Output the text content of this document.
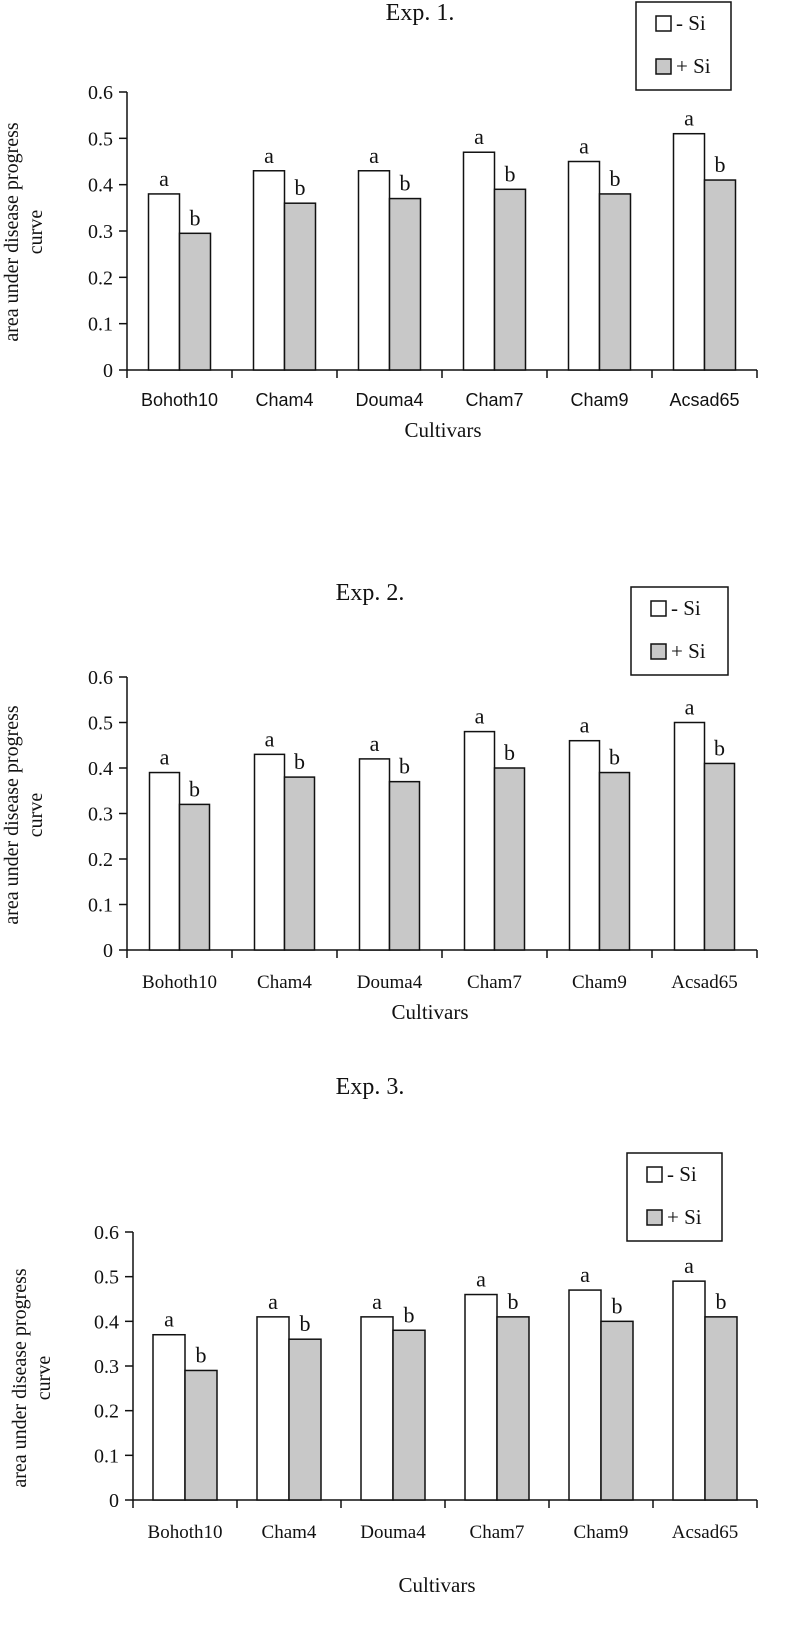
Exp. 1.
0
0.1
0.2
0.3
0.4
0.5
0.6
area under disease progress curve
Bohoth10
a
b
Cham4
a
b
Douma4
a
b
Cham7
a
b
Cham9
a
b
Acsad65
a
b
Cultivars
- Si
+ Si
Exp. 2.
0
0.1
0.2
0.3
0.4
0.5
0.6
area under disease progress curve
Bohoth10
a
b
Cham4
a
b
Douma4
a
b
Cham7
a
b
Cham9
a
b
Acsad65
a
b
Cultivars
- Si
+ Si
Exp. 3.
0
0.1
0.2
0.3
0.4
0.5
0.6
area under disease progress curve
Bohoth10
a
b
Cham4
a
b
Douma4
a
b
Cham7
a
b
Cham9
a
b
Acsad65
a
b
Cultivars
- Si
+ Si
